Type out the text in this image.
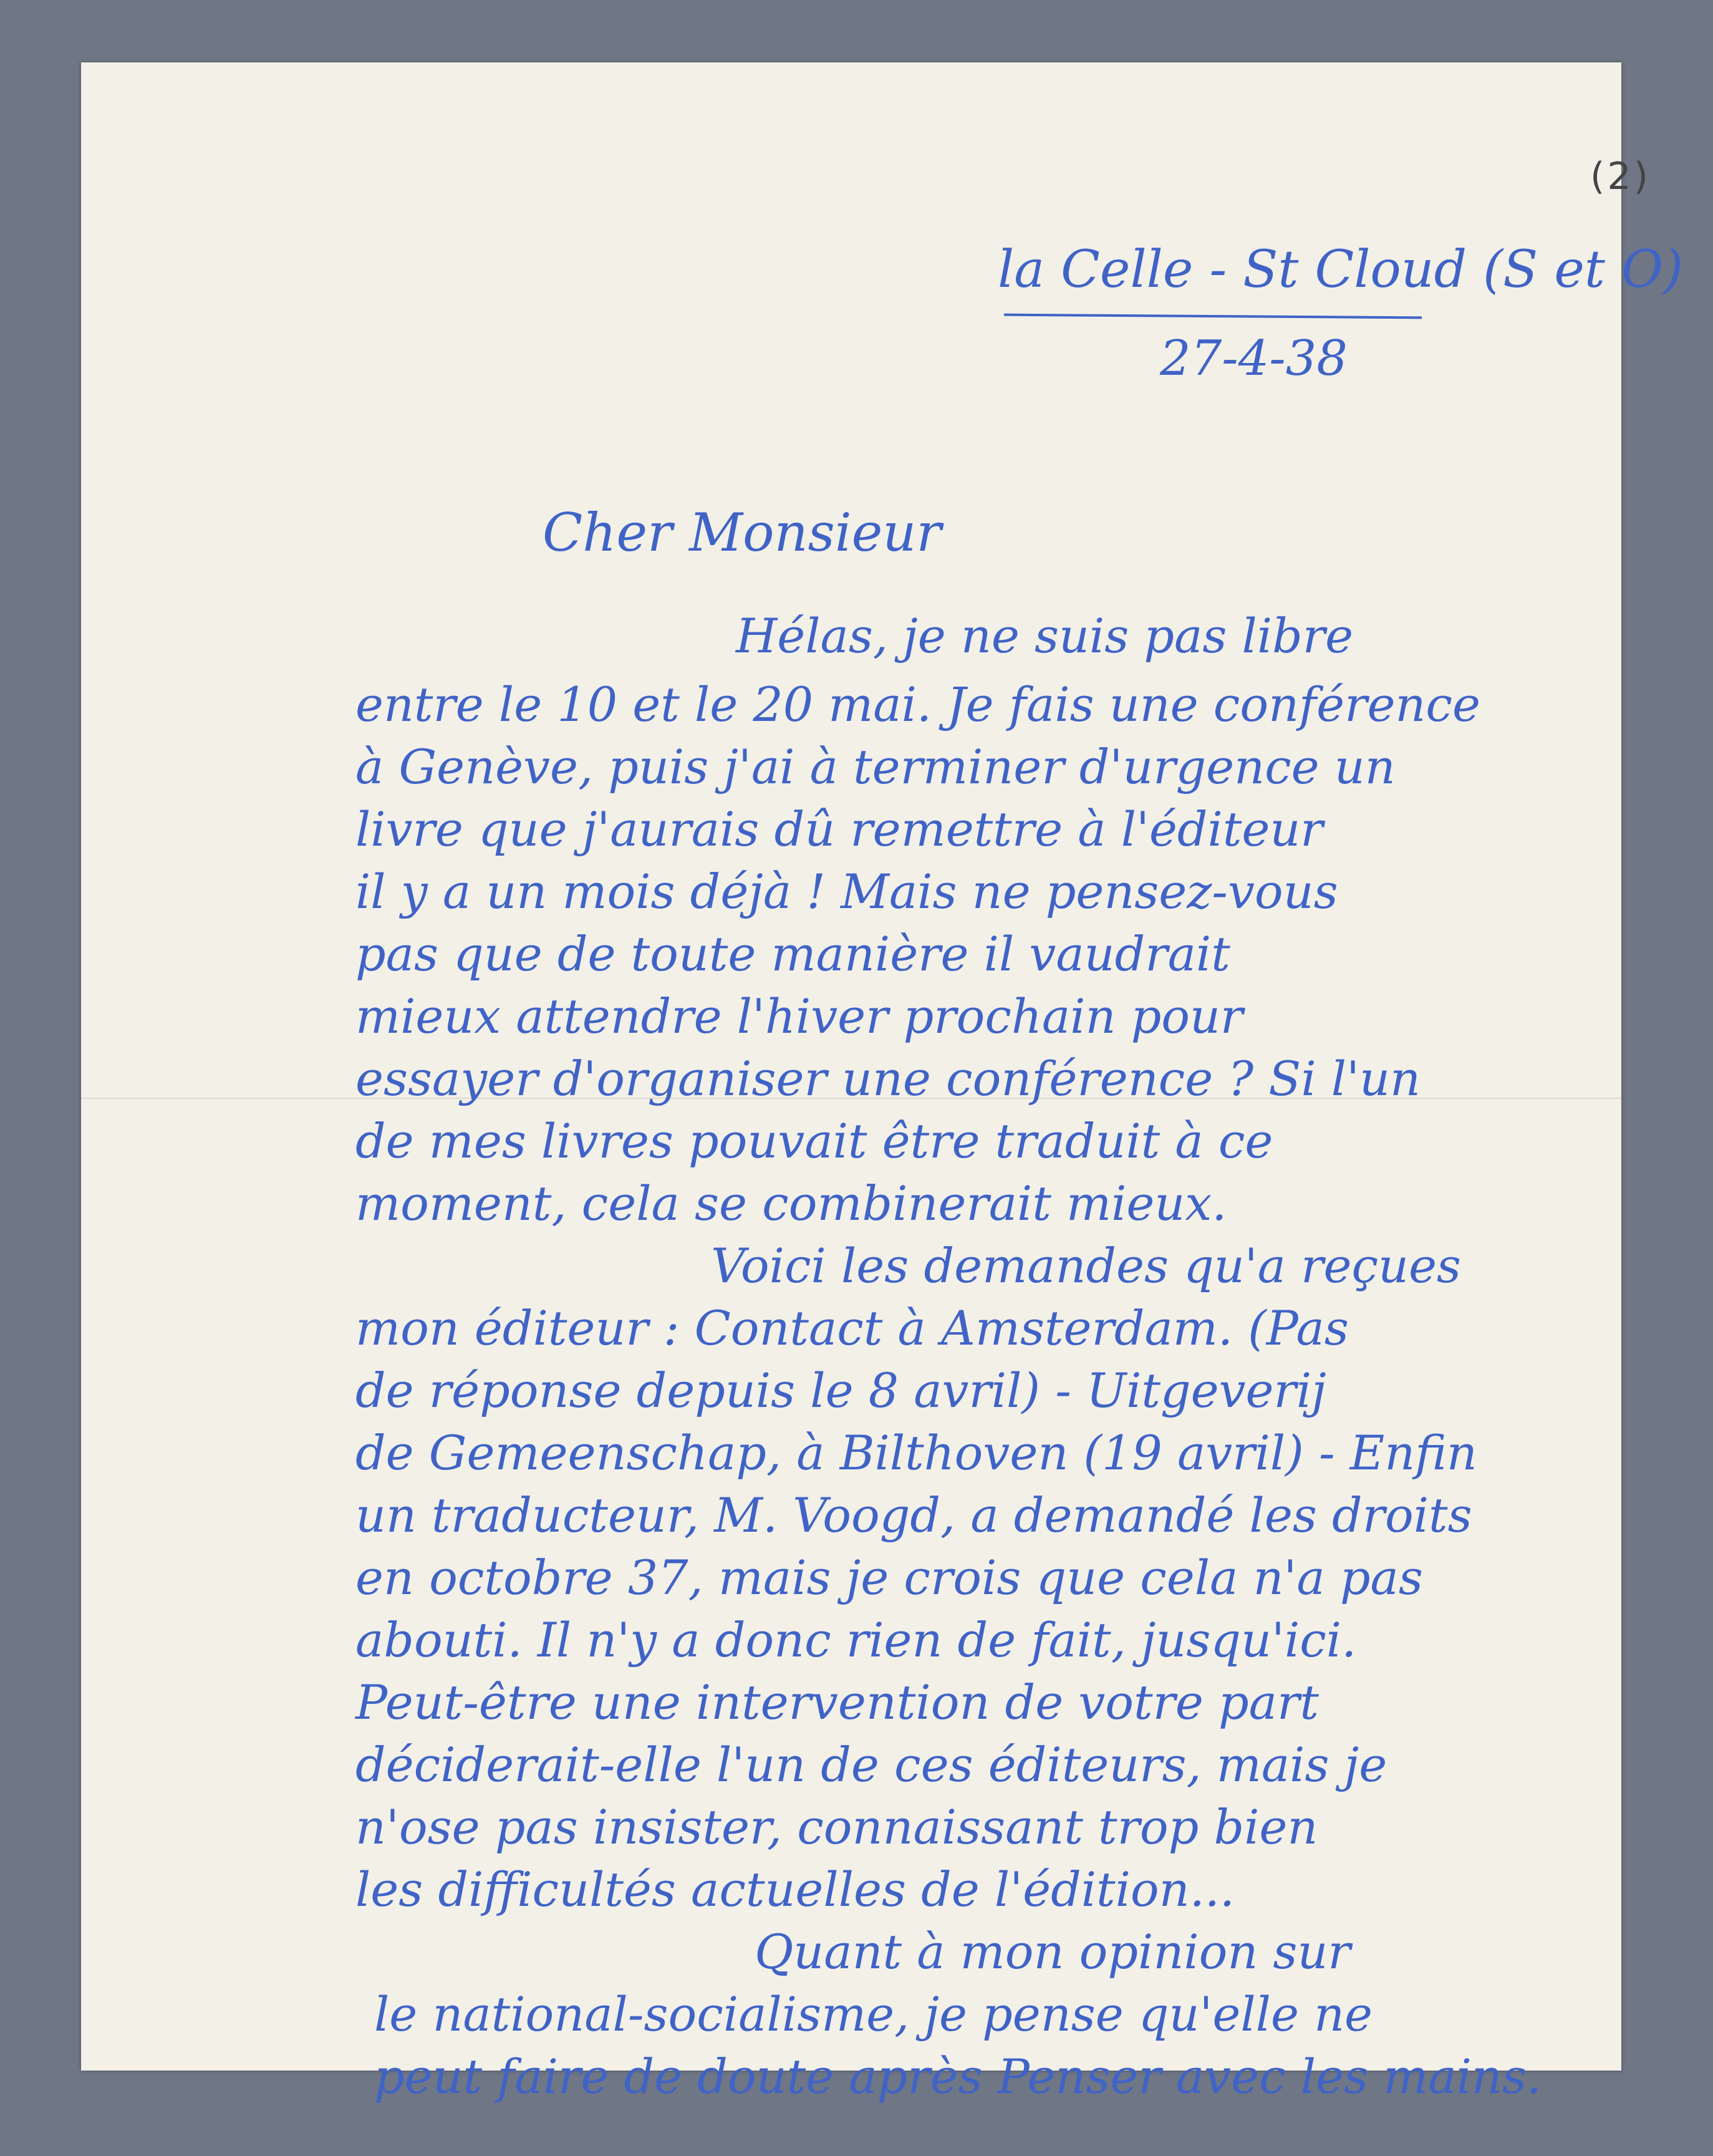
(2)
la Celle - St Cloud (S et O)
27-4-38
Cher Monsieur
Hélas, je ne suis pas libre
entre le 10 et le 20 mai. Je fais une conférence
à Genève, puis j'ai à terminer d'urgence un
livre que j'aurais dû remettre à l'éditeur
il y a un mois déjà ! Mais ne pensez-vous
pas que de toute manière il vaudrait
mieux attendre l'hiver prochain pour
essayer d'organiser une conférence ? Si l'un
de mes livres pouvait être traduit à ce
moment, cela se combinerait mieux.
Voici les demandes qu'a reçues
mon éditeur : Contact à Amsterdam. (Pas
de réponse depuis le 8 avril) - Uitgeverij
de Gemeenschap, à Bilthoven (19 avril) - Enfin
un traducteur, M. Voogd, a demandé les droits
en octobre 37, mais je crois que cela n'a pas
abouti. Il n'y a donc rien de fait, jusqu'ici.
Peut-être une intervention de votre part
déciderait-elle l'un de ces éditeurs, mais je
n'ose pas insister, connaissant trop bien
les difficultés actuelles de l'édition...
Quant à mon opinion sur
le national-socialisme, je pense qu'elle ne
peut faire de doute après Penser avec les mains.
